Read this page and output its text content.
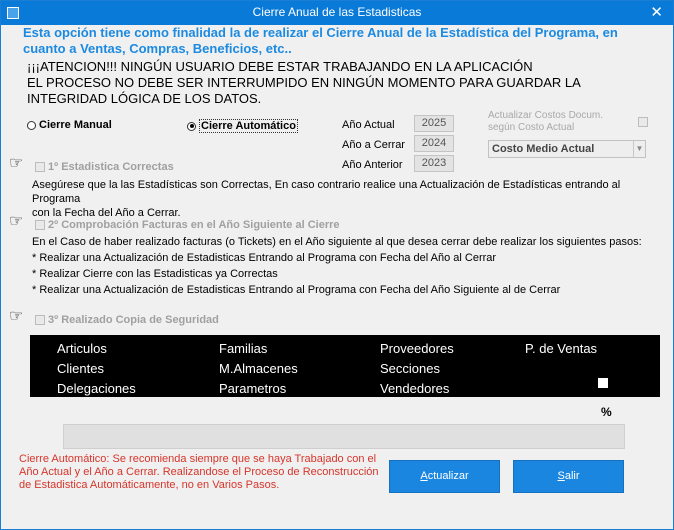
Cierre Anual de las Estadisticas	✕
Esta opción tiene como finalidad la de realizar el Cierre Anual de la Estadística del Programa, en
cuanto a Ventas, Compras, Beneficios, etc..
¡¡¡ATENCION!!! NINGÚN USUARIO DEBE ESTAR TRABAJANDO EN LA APLICACIÓN
EL PROCESO NO DEBE SER INTERRUMPIDO EN NINGÚN MOMENTO PARA GUARDAR LA
INTEGRIDAD LÓGICA DE LOS DATOS.
Cierre Manual	Cierre Automático	Año Actual	2025
Año a Cerrar	2024
Año Anterior	2023
Actualizar Costos Docum.
según Costo Actual
Costo Medio Actual	▼
☞ 1º Estadistica Correctas
Asegúrese que la las Estadísticas son Correctas, En caso contrario realice una Actualización de Estadísticas entrando al Programa
con la Fecha del Año a Cerrar.
☞ 2º Comprobación Facturas en el Año Siguiente al Cierre
En el Caso de haber realizado facturas (o Tickets) en el Año siguiente al que desea cerrar debe realizar los siguientes pasos:
* Realizar una Actualización de Estadisticas Entrando al Programa con Fecha del Año al Cerrar
* Realizar Cierre con las Estadisticas ya Correctas
* Realizar una Actualización de Estadisticas Entrando al Programa con Fecha del Año Siguiente al de Cerrar
☞ 3º Realizado Copia de Seguridad
Articulos	Familias	Proveedores	P. de Ventas
Clientes	M.Almacenes	Secciones
Delegaciones	Parametros	Vendedores
%
Cierre Automático: Se recomienda siempre que se haya Trabajado con el Año Actual y el Año a Cerrar. Realizandose el Proceso de Reconstrucción de Estadistica Automáticamente, no en Varios Pasos.
Actualizar	Salir
